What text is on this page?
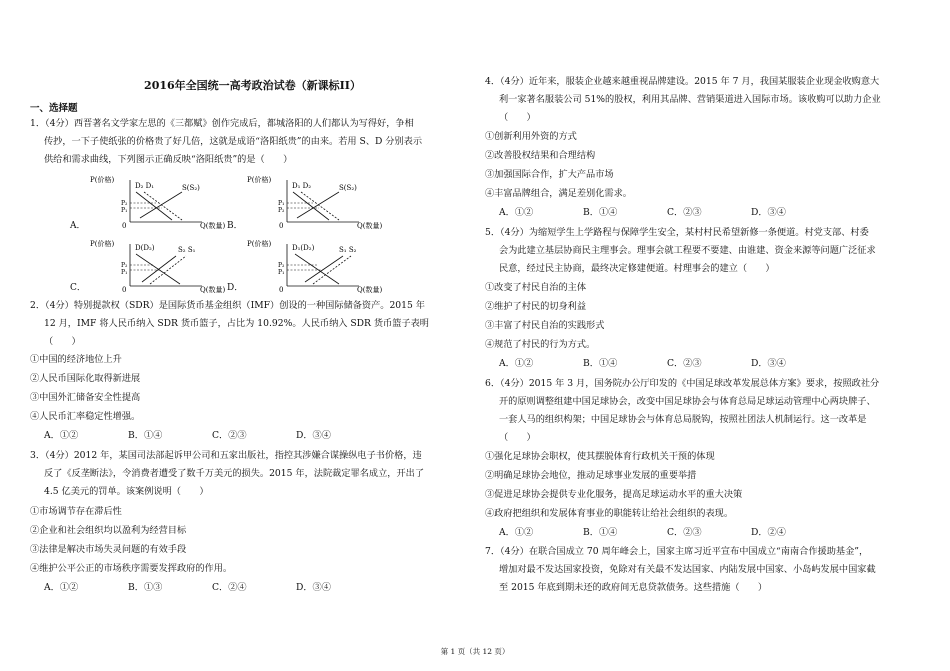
2016年全国统一高考政治试卷（新课标II）
一、选择题
1．（4分）西晋著名文学家左思的《三都赋》创作完成后，都城洛阳的人们都认为写得好，争相
传抄，一下子使纸张的价格贵了好几倍，这就是成语“洛阳纸贵”的由来。若用 S、D 分别表示
供给和需求曲线，下列图示正确反映“洛阳纸贵”的是（　　）
A．
P(价格)
D₂ D₁	S(S₂)
P₂
P₁
0	Q(数量) B．
P(价格)
D₁ D₂	S(S₂)
P₁
P₂
0	Q(数量)
C．
P(价格)	D(D₂)	S₂ S₁
P₂
P₁
0	Q(数量) D．
P(价格)	D₁(D₂)	S₁ S₂
P₂
P₁
0	Q(数量)
2．（4分）特别提款权（SDR）是国际货币基金组织（IMF）创设的一种国际储备资产。2015 年
12 月，IMF 将人民币纳入 SDR 货币篮子，占比为 10.92%。人民币纳入 SDR 货币篮子表明
（　　）
①中国的经济地位上升
②人民币国际化取得新进展
③中国外汇储备安全性提高
④人民币汇率稳定性增强。
A．①②	B．①④	C．②③	D．③④
3．（4分）2012 年，某国司法部起诉甲公司和五家出版社，指控其涉嫌合谋操纵电子书价格，违
反了《反垄断法》，令消费者遭受了数千万美元的损失。2015 年，法院裁定罪名成立，开出了
4.5 亿美元的罚单。该案例说明（　　）
①市场调节存在滞后性
②企业和社会组织均以盈利为经营目标
③法律是解决市场失灵问题的有效手段
④维护公平公正的市场秩序需要发挥政府的作用。
A．①②	B．①③	C．②④	D．③④
4．（4分）近年来，服装企业越来越重视品牌建设。2015 年 7 月，我国某服装企业现金收购意大
利一家著名服装公司 51%的股权，利用其品牌、营销渠道进入国际市场。该收购可以助力企业
（　　）
①创新利用外资的方式
②改善股权结果和合理结构
③加强国际合作，扩大产品市场
④丰富品牌组合，满足差别化需求。
A．①②	B．①④	C．②③	D．③④
5．（4分）为缩短学生上学路程与保障学生安全，某村村民希望新修一条便道。村党支部、村委
会为此建立基层协商民主理事会。理事会就工程要不要建、由谁建、资金来源等问题广泛征求
民意，经过民主协商，最终决定修建便道。村理事会的建立（　　）
①改变了村民自治的主体
②维护了村民的切身利益
③丰富了村民自治的实践形式
④规范了村民的行为方式。
A．①②	B．①④	C．②③	D．③④
6．（4分）2015 年 3 月，国务院办公厅印发的《中国足球改革发展总体方案》要求，按照政社分
开的原则调整组建中国足球协会，改变中国足球协会与体育总局足球运动管理中心两块牌子、
一套人马的组织构架；中国足球协会与体育总局脱钩，按照社团法人机制运行。这一改革是
（　　）
①强化足球协会职权，使其摆脱体育行政机关干预的体现
②明确足球协会地位，推动足球事业发展的重要举措
③促进足球协会提供专业化服务，提高足球运动水平的重大决策
④政府把组织和发展体育事业的职能转让给社会组织的表现。
A．①②	B．①④	C．②③	D．②④
7．（4分）在联合国成立 70 周年峰会上，国家主席习近平宣布中国成立“南南合作援助基金”，
增加对最不发达国家投资，免除对有关最不发达国家、内陆发展中国家、小岛屿发展中国家截
至 2015 年底到期未还的政府间无息贷款债务。这些措施（　　）
第 1 页（共 12 页）
